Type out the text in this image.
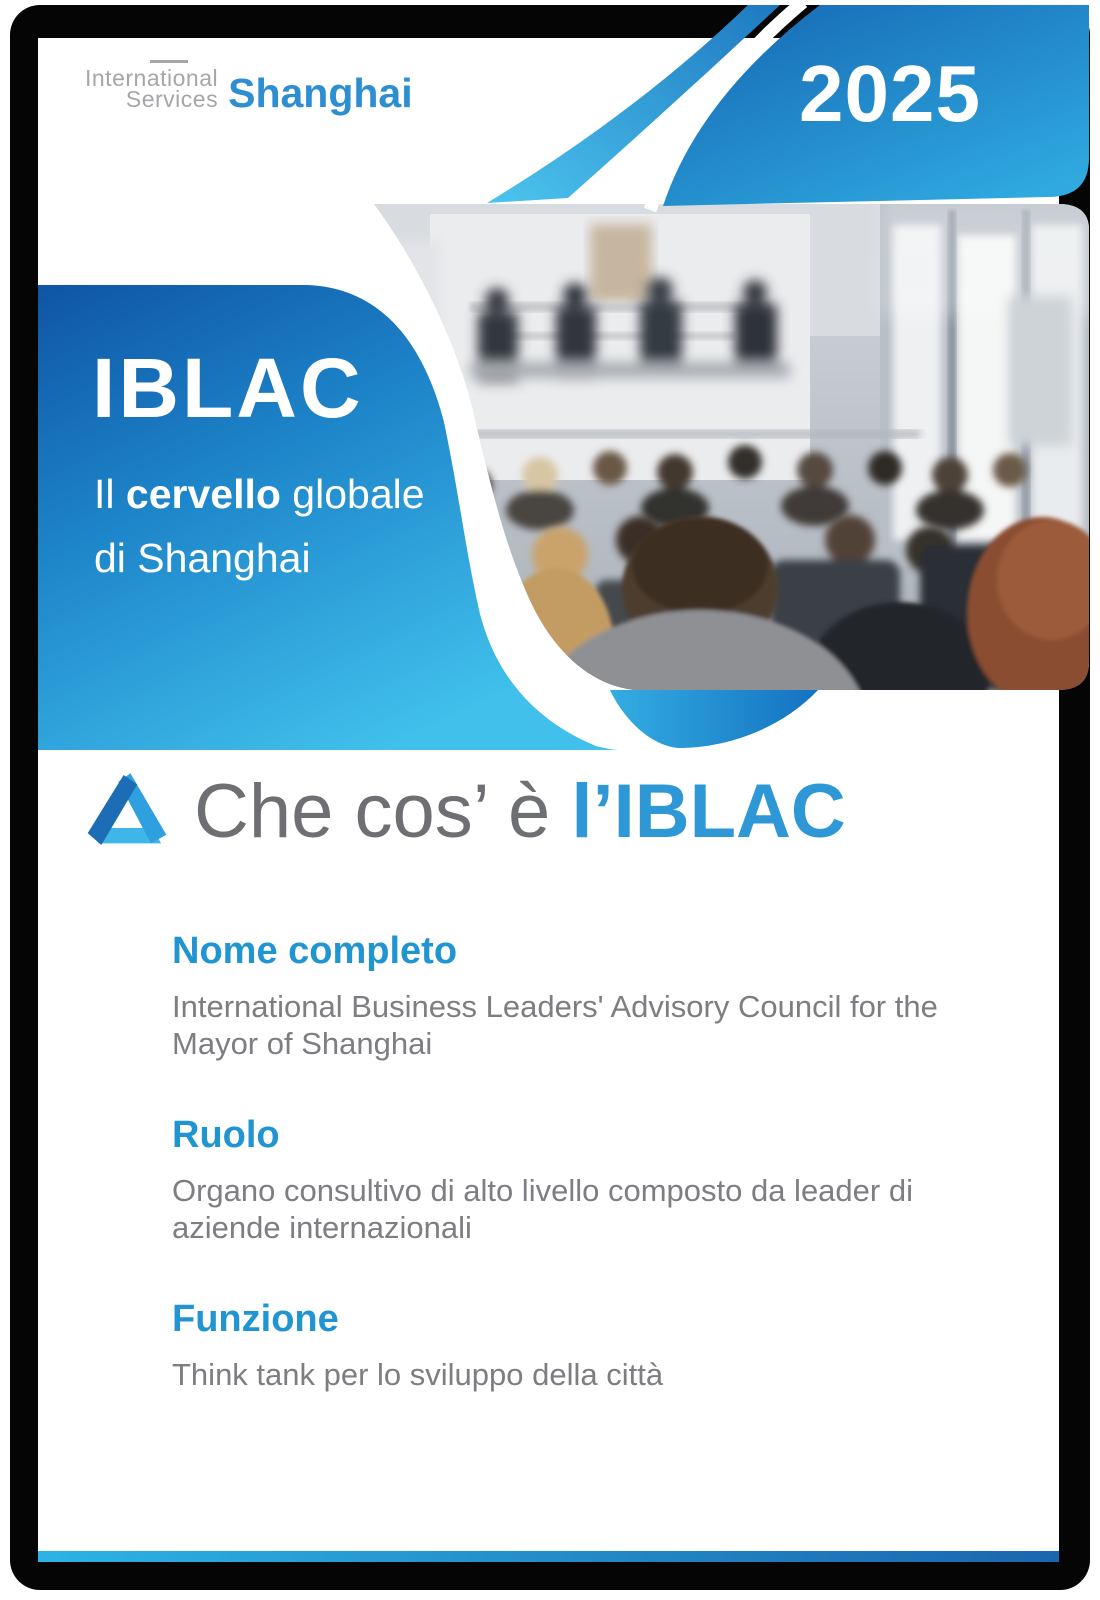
International
Services Shanghai	2025
IBLAC
Il cervello globale
di Shanghai
Che cos’ è l’IBLAC
Nome completo

International Business Leaders' Advisory Council for the Mayor of Shanghai

Ruolo

Organo consultivo di alto livello composto da leader di aziende internazionali

Funzione

Think tank per lo sviluppo della città
